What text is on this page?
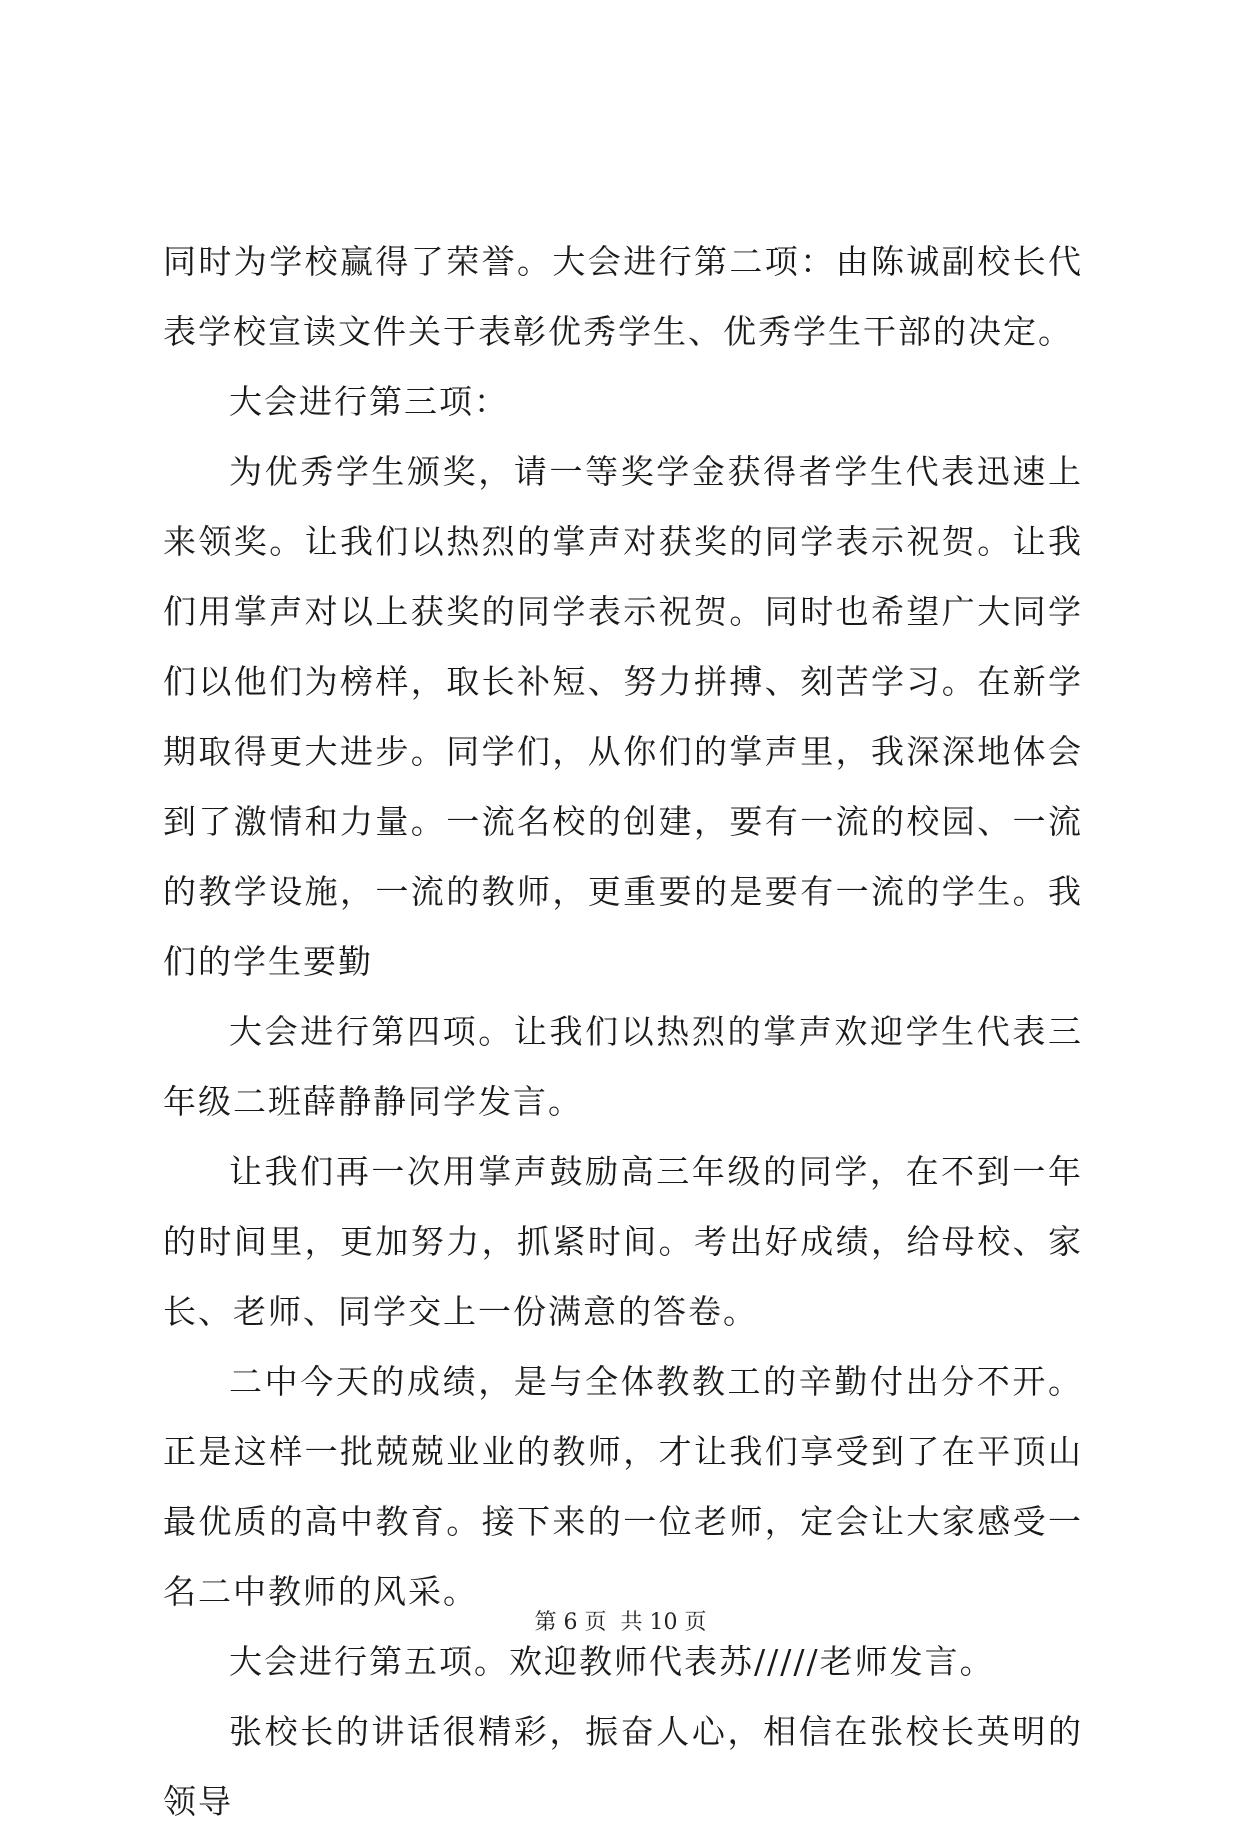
同时为学校赢得了荣誉。大会进行第二项：由陈诚副校长代表学校宣读文件关于表彰优秀学生、优秀学生干部的决定。

大会进行第三项：

为优秀学生颁奖，请一等奖学金获得者学生代表迅速上来领奖。让我们以热烈的掌声对获奖的同学表示祝贺。让我们用掌声对以上获奖的同学表示祝贺。同时也希望广大同学们以他们为榜样，取长补短、努力拼搏、刻苦学习。在新学期取得更大进步。同学们，从你们的掌声里，我深深地体会到了激情和力量。一流名校的创建，要有一流的校园、一流的教学设施，一流的教师，更重要的是要有一流的学生。我们的学生要勤

大会进行第四项。让我们以热烈的掌声欢迎学生代表三年级二班薛静静同学发言。

让我们再一次用掌声鼓励高三年级的同学，在不到一年的时间里，更加努力，抓紧时间。考出好成绩，给母校、家长、老师、同学交上一份满意的答卷。

二中今天的成绩，是与全体教教工的辛勤付出分不开。正是这样一批兢兢业业的教师，才让我们享受到了在平顶山最优质的高中教育。接下来的一位老师，定会让大家感受一名二中教师的风采。

大会进行第五项。欢迎教师代表苏/////老师发言。

张校长的讲话很精彩，振奋人心，相信在张校长英明的领导

第 6 页  共 10 页
